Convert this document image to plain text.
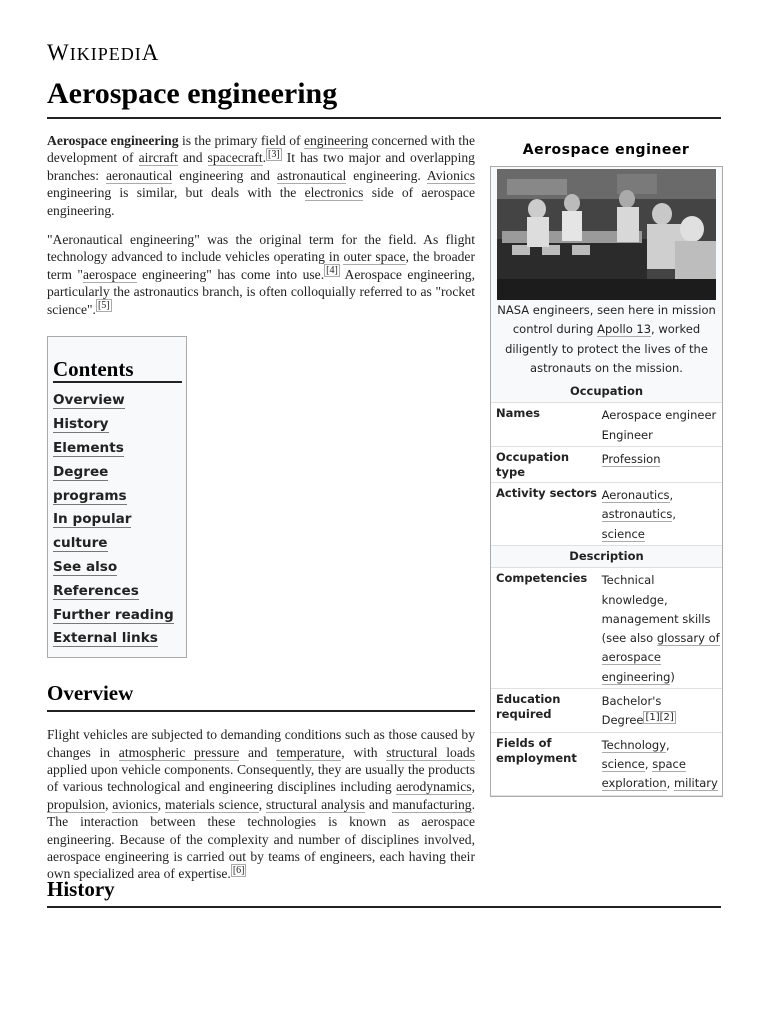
WIKIPEDIA
Aerospace engineering

Aerospace engineering is the primary field of engineering concerned with the development of aircraft and spacecraft. [3] It has two major and overlapping branches: aeronautical engineering and astronautical engineering. Avionics engineering is similar, but deals with the electronics side of aerospace engineering.

"Aeronautical engineering" was the original term for the field. As flight technology advanced to include vehicles operating in outer space, the broader term "aerospace engineering" has come into use. [4] Aerospace engineering, particularly the astronautics branch, is often colloquially referred to as "rocket science". [5]

Contents
Overview
History
Elements
Degree programs
In popular culture
See also
References
Further reading
External links
Overview

Flight vehicles are subjected to demanding conditions such as those caused by changes in atmospheric pressure and temperature, with structural loads applied upon vehicle components. Consequently, they are usually the products of various technological and engineering disciplines including aerodynamics, propulsion, avionics, materials science, structural analysis and manufacturing. The interaction between these technologies is known as aerospace engineering. Because of the complexity and number of disciplines involved, aerospace engineering is carried out by teams of engineers, each having their own specialized area of expertise. [6]

History
Aerospace engineer
NASA engineers, seen here in mission control during Apollo 13, worked diligently to protect the lives of the astronauts on the mission.
Occupation
Names	Aerospace engineer
Engineer
Occupation type
Profession
Activity sectors Aeronautics, astronautics, science
Description
Competencies	Technical knowledge, management skills (see also glossary of aerospace engineering)
Education required
Bachelor's Degree [1][2]
Fields of employment
Technology, science, space exploration, military
